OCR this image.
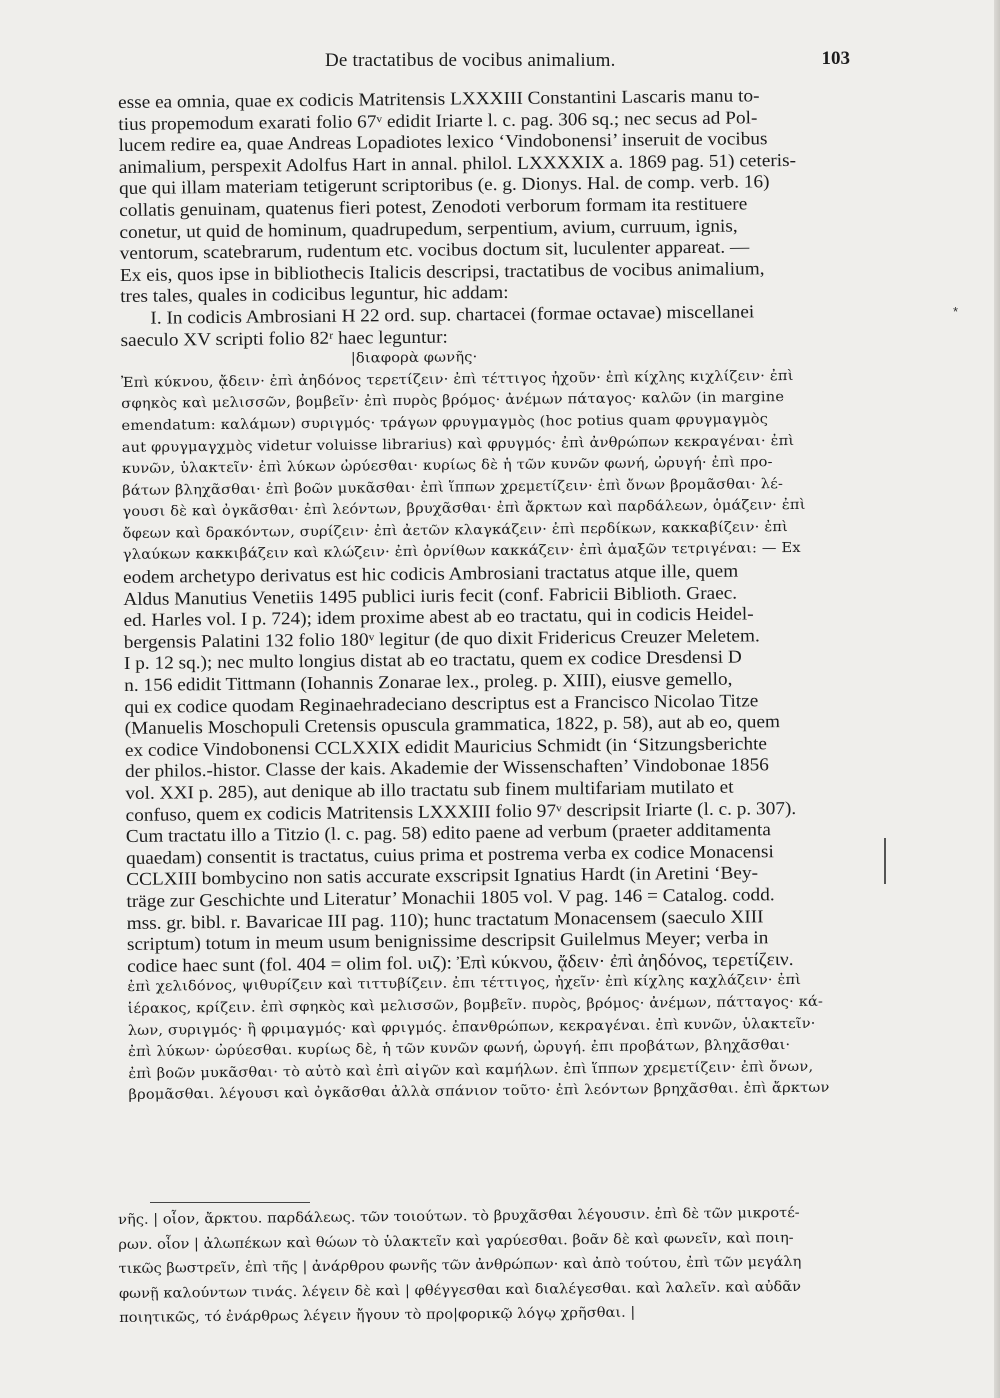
De tractatibus de vocibus animalium.	103
esse ea omnia, quae ex codicis Matritensis LXXXIII Constantini Lascaris manu to-
tius propemodum exarati folio 67ᵛ edidit Iriarte l. c. pag. 306 sq.; nec secus ad Pol-
lucem redire ea, quae Andreas Lopadiotes lexico ‘Vindobonensi’ inseruit de vocibus
animalium, perspexit Adolfus Hart in annal. philol. LXXXXIX a. 1869 pag. 51) ceteris-
que qui illam materiam tetigerunt scriptoribus (e. g. Dionys. Hal. de comp. verb. 16)
collatis genuinam, quatenus fieri potest, Zenodoti verborum formam ita restituere
conetur, ut quid de hominum, quadrupedum, serpentium, avium, curruum, ignis,
ventorum, scatebrarum, rudentum etc. vocibus doctum sit, luculenter appareat. —
Ex eis, quos ipse in bibliothecis Italicis descripsi, tractatibus de vocibus animalium,
tres tales, quales in codicibus leguntur, hic addam:
I. In codicis Ambrosiani H 22 ord. sup. chartacei (formae octavae) miscellanei
saeculo XV scripti folio 82ʳ haec leguntur:
|διαφορὰ φωνῆς·
Ἐπὶ κύκνου, ᾄδειν· ἐπὶ ἀηδόνος τερετίζειν· ἐπὶ τέττιγος ἠχοῦν· ἐπὶ κίχλης κιχλίζειν· ἐπὶ
σφηκὸς καὶ μελισσῶν, βομβεῖν· ἐπὶ πυρὸς βρόμος· ἀνέμων πάταγος· καλῶν (in margine
emendatum: καλάμων) συριγμός· τράγων φρυγμαγμὸς (hoc potius quam φρυγμαγμὸς
aut φρυγμαγχμὸς videtur voluisse librarius) καὶ φρυγμός· ἐπὶ ἀνθρώπων κεκραγέναι· ἐπὶ
κυνῶν, ὑλακτεῖν· ἐπὶ λύκων ὠρύεσθαι· κυρίως δὲ ἡ τῶν κυνῶν φωνή, ὠρυγή· ἐπὶ προ-
βάτων βληχᾶσθαι· ἐπὶ βοῶν μυκᾶσθαι· ἐπὶ ἵππων χρεμετίζειν· ἐπὶ ὄνων βρομᾶσθαι· λέ-
γουσι δὲ καὶ ὀγκᾶσθαι· ἐπὶ λεόντων, βρυχᾶσθαι· ἐπὶ ἄρκτων καὶ παρδάλεων, ὁμάζειν· ἐπὶ
ὄφεων καὶ δρακόντων, συρίζειν· ἐπὶ ἀετῶν κλαγκάζειν· ἐπὶ περδίκων, κακκαβίζειν· ἐπὶ
γλαύκων κακκιβάζειν καὶ κλώζειν· ἐπὶ ὀρνίθων κακκάζειν· ἐπὶ ἁμαξῶν τετριγέναι: — Ex
eodem archetypo derivatus est hic codicis Ambrosiani tractatus atque ille, quem
Aldus Manutius Venetiis 1495 publici iuris fecit (conf. Fabricii Biblioth. Graec.
ed. Harles vol. I p. 724); idem proxime abest ab eo tractatu, qui in codicis Heidel-
bergensis Palatini 132 folio 180ᵛ legitur (de quo dixit Fridericus Creuzer Meletem.
I p. 12 sq.); nec multo longius distat ab eo tractatu, quem ex codice Dresdensi D
n. 156 edidit Tittmann (Iohannis Zonarae lex., proleg. p. XIII), eiusve gemello,
qui ex codice quodam Reginaehradeciano descriptus est a Francisco Nicolao Titze
(Manuelis Moschopuli Cretensis opuscula grammatica, 1822, p. 58), aut ab eo, quem
ex codice Vindobonensi CCLXXIX edidit Mauricius Schmidt (in ‘Sitzungsberichte
der philos.-histor. Classe der kais. Akademie der Wissenschaften’ Vindobonae 1856
vol. XXI p. 285), aut denique ab illo tractatu sub finem multifariam mutilato et
confuso, quem ex codicis Matritensis LXXXIII folio 97ᵛ descripsit Iriarte (l. c. p. 307).
Cum tractatu illo a Titzio (l. c. pag. 58) edito paene ad verbum (praeter additamenta
quaedam) consentit is tractatus, cuius prima et postrema verba ex codice Monacensi
CCLXIII bombycino non satis accurate exscripsit Ignatius Hardt (in Aretini ‘Bey-
träge zur Geschichte und Literatur’ Monachii 1805 vol. V pag. 146 = Catalog. codd.
mss. gr. bibl. r. Bavaricae III pag. 110); hunc tractatum Monacensem (saeculo XIII
scriptum) totum in meum usum benignissime descripsit Guilelmus Meyer; verba in
codice haec sunt (fol. 404 = olim fol. υιζ): Ἐπὶ κύκνου, ᾄδειν· ἐπὶ ἀηδόνος, τερετίζειν.
ἐπὶ χελιδόνος, ψιθυρίζειν καὶ τιττυβίζειν. ἐπι τέττιγος, ἠχεῖν· ἐπὶ κίχλης καχλάζειν· ἐπὶ
ἱέρακος, κρίζειν. ἐπὶ σφηκὸς καὶ μελισσῶν, βομβεῖν. πυρὸς, βρόμος· ἀνέμων, πάτταγος· κά-
λων, συριγμός· ἢ φριμαγμός· καὶ φριγμός. ἐπανθρώπων, κεκραγέναι. ἐπὶ κυνῶν, ὑλακτεῖν·
ἐπὶ λύκων· ὠρύεσθαι. κυρίως δὲ, ἡ τῶν κυνῶν φωνή, ὠρυγή. ἐπι προβάτων, βληχᾶσθαι·
ἐπὶ βοῶν μυκᾶσθαι· τὸ αὐτὸ καὶ ἐπὶ αἰγῶν καὶ καμήλων. ἐπὶ ἵππων χρεμετίζειν· ἐπὶ ὄνων,
βρομᾶσθαι. λέγουσι καὶ ὀγκᾶσθαι ἀλλὰ σπάνιον τοῦτο· ἐπὶ λεόντων βρηχᾶσθαι. ἐπὶ ἄρκτων
νῆς. | οἷον, ἄρκτου. παρδάλεως. τῶν τοιούτων. τὸ βρυχᾶσθαι λέγουσιν. ἐπὶ δὲ τῶν μικροτέ-
ρων. οἷον | ἀλωπέκων καὶ θώων τὸ ὑλακτεῖν καὶ γαρύεσθαι. βοᾶν δὲ καὶ φωνεῖν, καὶ ποιη-
τικῶς βωστρεῖν, ἐπὶ τῆς | ἀνάρθρου φωνῆς τῶν ἀνθρώπων· καὶ ἀπὸ τούτου, ἐπὶ τῶν μεγάλη
φωνῇ καλούντων τινάς. λέγειν δὲ καὶ | φθέγγεσθαι καὶ διαλέγεσθαι. καὶ λαλεῖν. καὶ αὐδᾶν
ποιητικῶς, τό ἐνάρθρως λέγειν ἤγουν τὸ προ|φορικῷ λόγῳ χρῆσθαι. |
*
